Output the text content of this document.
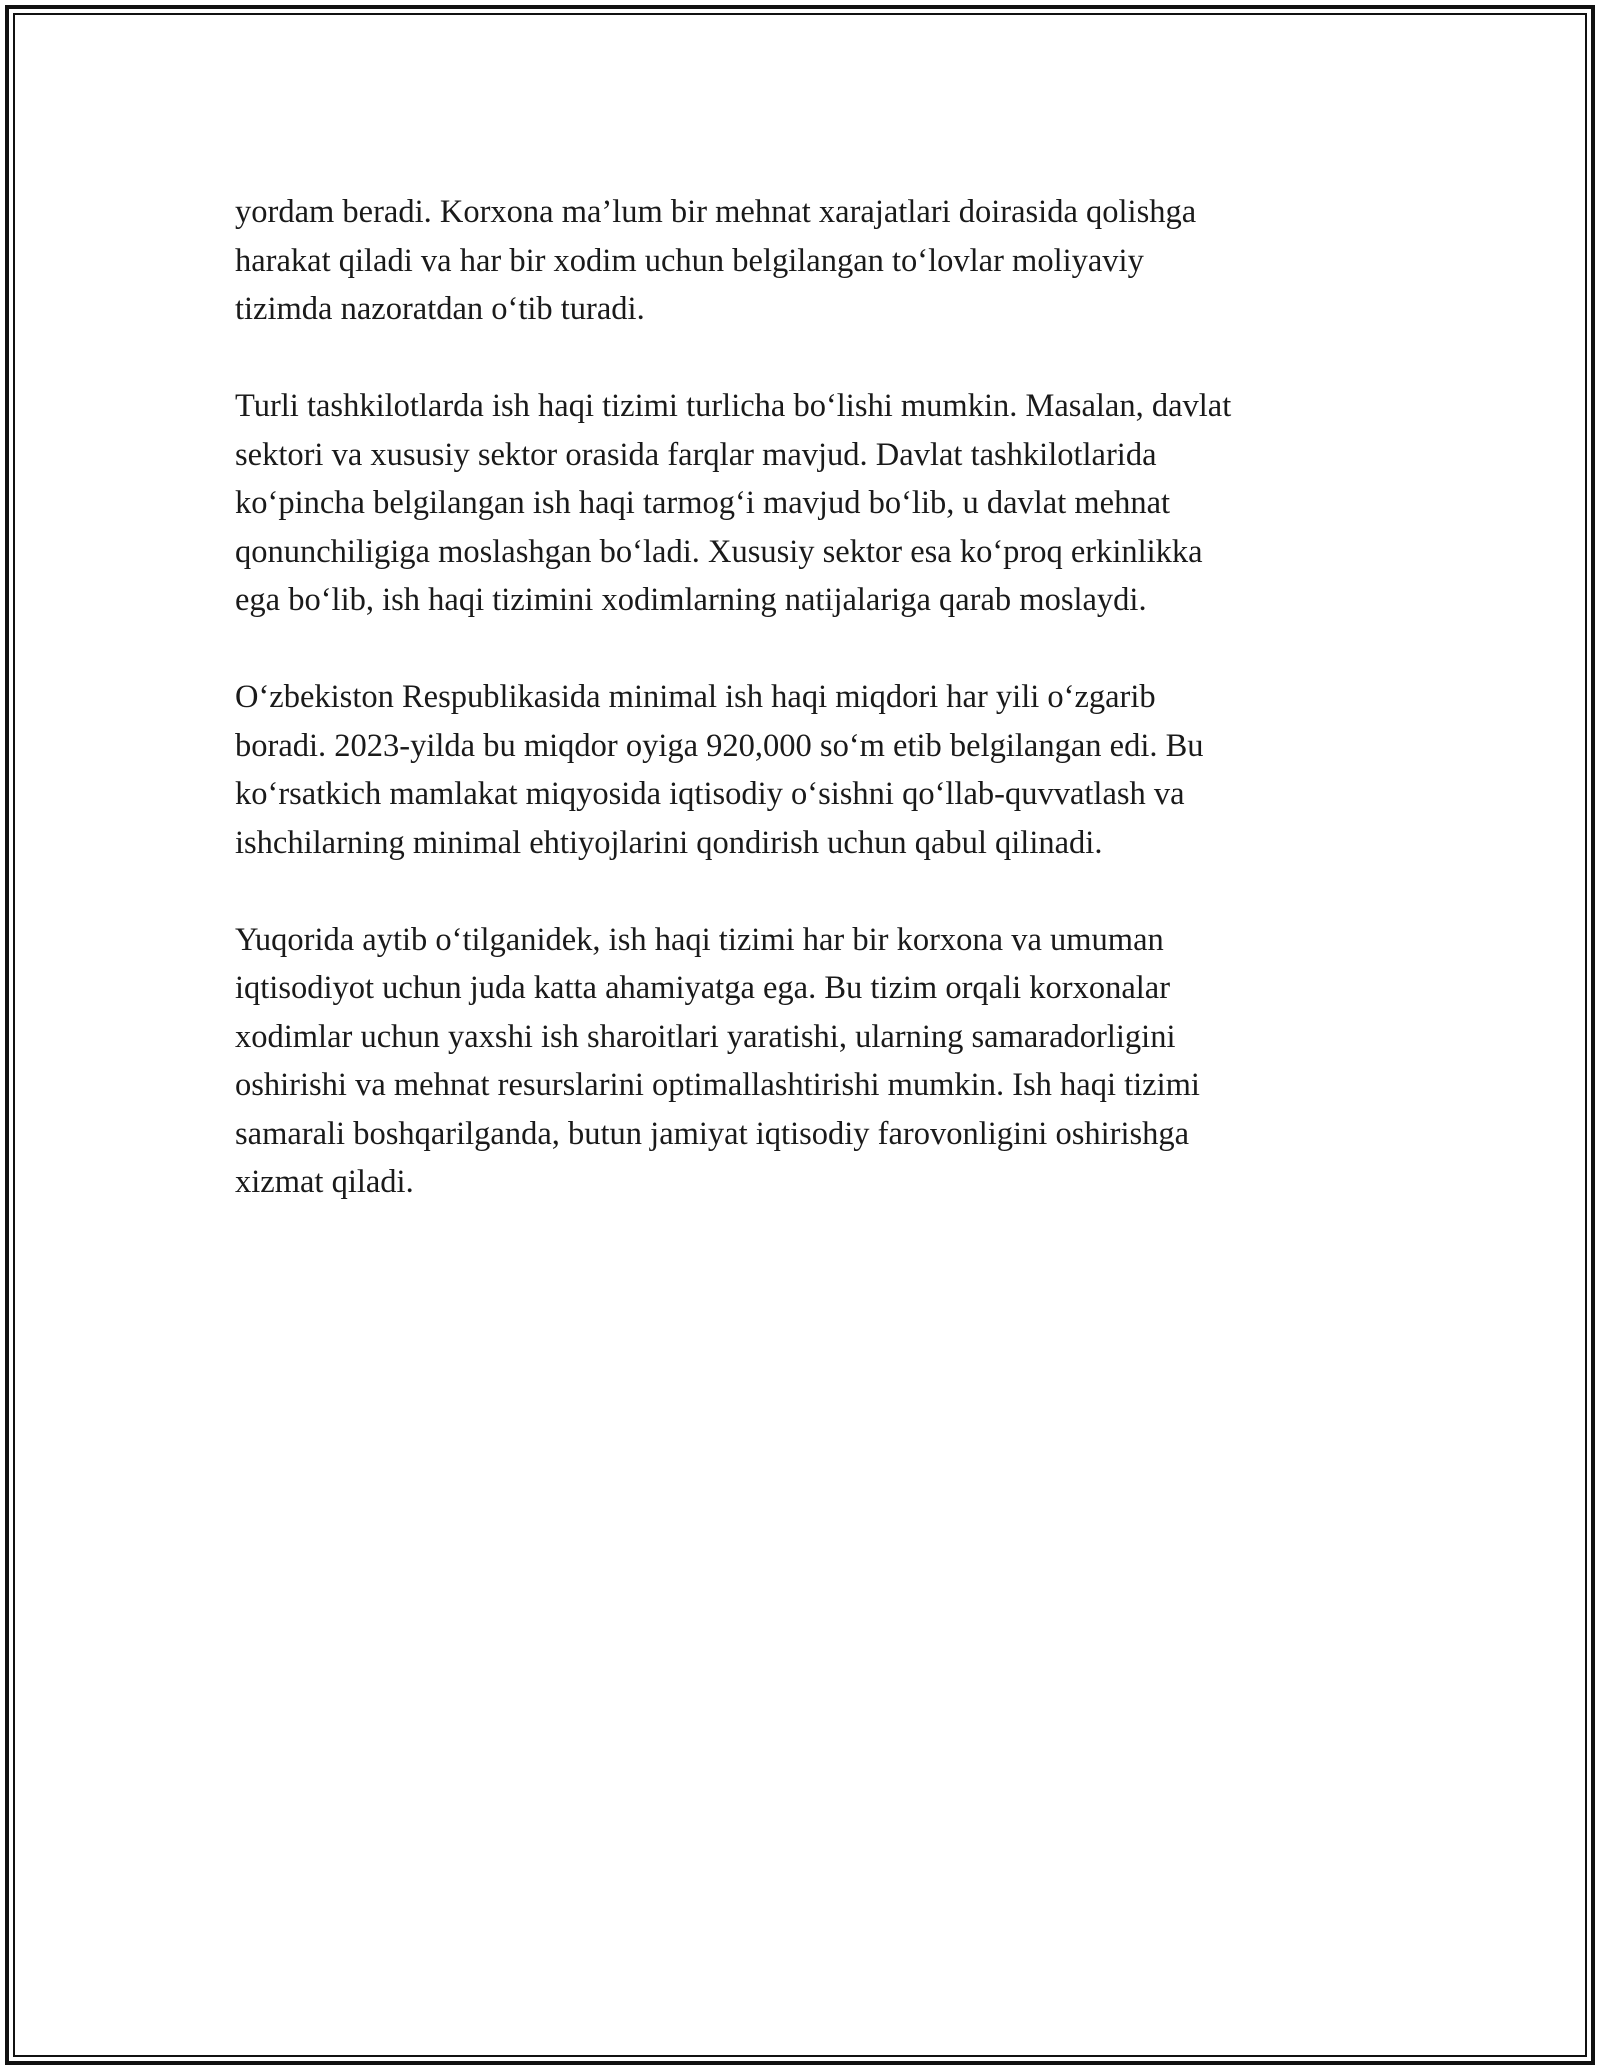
yordam beradi. Korxona ma’lum bir mehnat xarajatlari doirasida qolishga
harakat qiladi va har bir xodim uchun belgilangan to‘lovlar moliyaviy
tizimda nazoratdan o‘tib turadi.

Turli tashkilotlarda ish haqi tizimi turlicha bo‘lishi mumkin. Masalan, davlat
sektori va xususiy sektor orasida farqlar mavjud. Davlat tashkilotlarida
ko‘pincha belgilangan ish haqi tarmog‘i mavjud bo‘lib, u davlat mehnat
qonunchiligiga moslashgan bo‘ladi. Xususiy sektor esa ko‘proq erkinlikka
ega bo‘lib, ish haqi tizimini xodimlarning natijalariga qarab moslaydi.

O‘zbekiston Respublikasida minimal ish haqi miqdori har yili o‘zgarib
boradi. 2023-yilda bu miqdor oyiga 920,000 so‘m etib belgilangan edi. Bu
ko‘rsatkich mamlakat miqyosida iqtisodiy o‘sishni qo‘llab-quvvatlash va
ishchilarning minimal ehtiyojlarini qondirish uchun qabul qilinadi.

Yuqorida aytib o‘tilganidek, ish haqi tizimi har bir korxona va umuman
iqtisodiyot uchun juda katta ahamiyatga ega. Bu tizim orqali korxonalar
xodimlar uchun yaxshi ish sharoitlari yaratishi, ularning samaradorligini
oshirishi va mehnat resurslarini optimallashtirishi mumkin. Ish haqi tizimi
samarali boshqarilganda, butun jamiyat iqtisodiy farovonligini oshirishga
xizmat qiladi.
